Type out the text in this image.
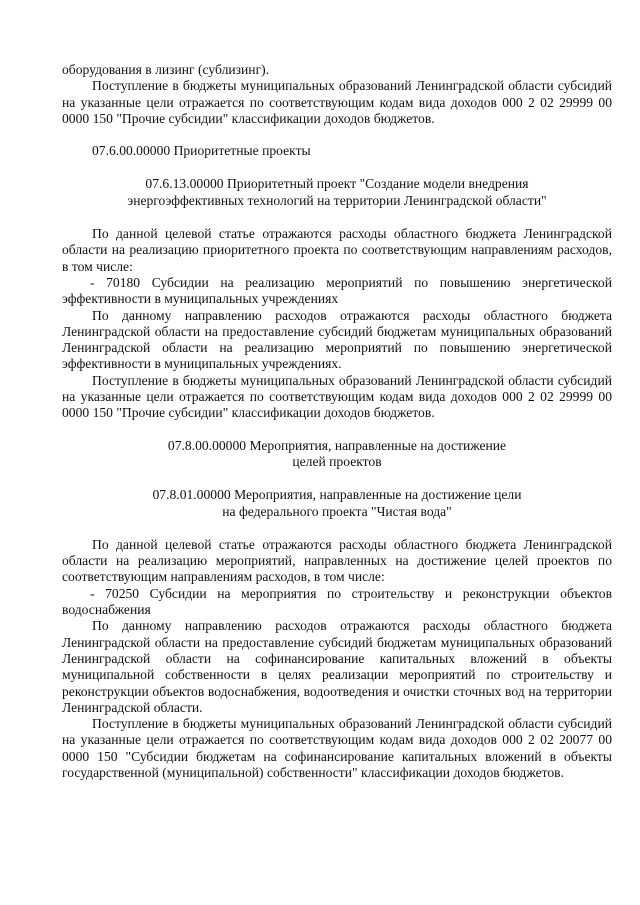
оборудования в лизинг (сублизинг).

Поступление в бюджеты муниципальных образований Ленинградской области субсидий на указанные цели отражается по соответствующим кодам вида доходов 000 2 02 29999 00 0000 150 "Прочие субсидии" классификации доходов бюджетов.

07.6.00.00000 Приоритетные проекты

07.6.13.00000 Приоритетный проект "Создание модели внедрения
энергоэффективных технологий на территории Ленинградской области"

По данной целевой статье отражаются расходы областного бюджета Ленинградской области на реализацию приоритетного проекта по соответствующим направлениям расходов, в том числе:

- 70180 Субсидии на реализацию мероприятий по повышению энергетической эффективности в муниципальных учреждениях

По данному направлению расходов отражаются расходы областного бюджета Ленинградской области на предоставление субсидий бюджетам муниципальных образований Ленинградской области на реализацию мероприятий по повышению энергетической эффективности в муниципальных учреждениях.

Поступление в бюджеты муниципальных образований Ленинградской области субсидий на указанные цели отражается по соответствующим кодам вида доходов 000 2 02 29999 00 0000 150 "Прочие субсидии" классификации доходов бюджетов.

07.8.00.00000 Мероприятия, направленные на достижение
целей проектов
07.8.01.00000 Мероприятия, направленные на достижение цели
на федерального проекта "Чистая вода"

По данной целевой статье отражаются расходы областного бюджета Ленинградской области на реализацию мероприятий, направленных на достижение целей проектов по соответствующим направлениям расходов, в том числе:

- 70250 Субсидии на мероприятия по строительству и реконструкции объектов водоснабжения

По данному направлению расходов отражаются расходы областного бюджета Ленинградской области на предоставление субсидий бюджетам муниципальных образований Ленинградской области на софинансирование капитальных вложений в объекты муниципальной собственности в целях реализации мероприятий по строительству и реконструкции объектов водоснабжения, водоотведения и очистки сточных вод на территории Ленинградской области.

Поступление в бюджеты муниципальных образований Ленинградской области субсидий на указанные цели отражается по соответствующим кодам вида доходов 000 2 02 20077 00 0000 150 "Субсидии бюджетам на софинансирование капитальных вложений в объекты государственной (муниципальной) собственности" классификации доходов бюджетов.
